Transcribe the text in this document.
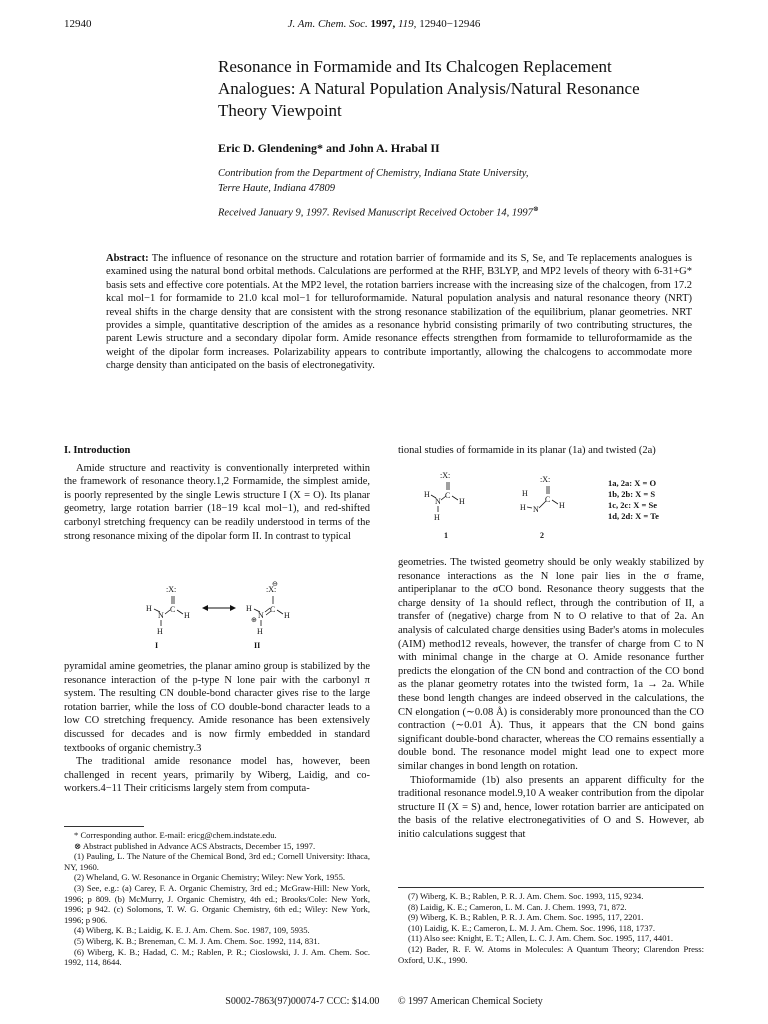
12940	J. Am. Chem. Soc. 1997, 119, 12940−12946
Resonance in Formamide and Its Chalcogen Replacement
Analogues: A Natural Population Analysis/Natural Resonance
Theory Viewpoint
Eric D. Glendening* and John A. Hrabal II
Contribution from the Department of Chemistry, Indiana State University,
Terre Haute, Indiana 47809
Received January 9, 1997. Revised Manuscript Received October 14, 1997⊗
Abstract: The influence of resonance on the structure and rotation barrier of formamide and its S, Se, and Te replacements analogues is examined using the natural bond orbital methods. Calculations are performed at the RHF, B3LYP, and MP2 levels of theory with 6-31+G* basis sets and effective core potentials. At the MP2 level, the rotation barriers increase with the increasing size of the chalcogen, from 17.2 kcal mol−1 for formamide to 21.0 kcal mol−1 for telluroformamide. Natural population analysis and natural resonance theory (NRT) reveal shifts in the charge density that are consistent with the strong resonance stabilization of the equilibrium, planar geometries. NRT provides a simple, quantitative description of the amides as a resonance hybrid consisting primarily of two contributing structures, the parent Lewis structure and a secondary dipolar form. Amide resonance effects strengthen from formamide to telluroformamide as the weight of the dipolar form increases. Polarizability appears to contribute importantly, allowing the chalcogens to accommodate more charge density than anticipated on the basis of electronegativity.
I. Introduction

Amide structure and reactivity is conventionally interpreted within the framework of resonance theory.1,2 Formamide, the simplest amide, is poorly represented by the single Lewis structure I (X = O). Its planar geometry, large rotation barrier (18−19 kcal mol−1), and red-shifted carbonyl stretching frequency can be readily understood in terms of the strong resonance mixing of the dipolar form II. In contrast to typical

:X:
C
H
N	H
H
I
⊖
:X:
C
H
N	H
⊕
H
II

pyramidal amine geometries, the planar amino group is stabilized by the resonance interaction of the p-type N lone pair with the carbonyl π system. The resulting CN double-bond character gives rise to the large rotation barrier, while the loss of CO double-bond character leads to a low CO stretching frequency. Amide resonance has been extensively discussed for decades and is now firmly embedded in standard textbooks of organic chemistry.3

The traditional amide resonance model has, however, been challenged in recent years, primarily by Wiberg, Laidig, and co-workers.4−11 Their criticisms largely stem from computa-

* Corresponding author. E-mail: ericg@chem.indstate.edu.
⊗ Abstract published in Advance ACS Abstracts, December 15, 1997.
(1) Pauling, L. The Nature of the Chemical Bond, 3rd ed.; Cornell University: Ithaca, NY, 1960.
(2) Wheland, G. W. Resonance in Organic Chemistry; Wiley: New York, 1955.
(3) See, e.g.: (a) Carey, F. A. Organic Chemistry, 3rd ed.; McGraw-Hill: New York, 1996; p 809. (b) McMurry, J. Organic Chemistry, 4th ed.; Brooks/Cole: New York, 1996; p 942. (c) Solomons, T. W. G. Organic Chemistry, 6th ed.; Wiley: New York, 1996; p 906.
(4) Wiberg, K. B.; Laidig, K. E. J. Am. Chem. Soc. 1987, 109, 5935.
(5) Wiberg, K. B.; Breneman, C. M. J. Am. Chem. Soc. 1992, 114, 831.
(6) Wiberg, K. B.; Hadad, C. M.; Rablen, P. R.; Cioslowski, J. J. Am. Chem. Soc. 1992, 114, 8644.

tional studies of formamide in its planar (1a) and twisted (2a)

:X:
C
H
N H
H
1
:X:
C
H
H N	H
2
1a, 2a: X = O
1b, 2b: X = S
1c, 2c: X = Se
1d, 2d: X = Te

geometries. The twisted geometry should be only weakly stabilized by resonance interactions as the N lone pair lies in the σ frame, antiperiplanar to the σCO bond. Resonance theory suggests that the charge density of 1a should reflect, through the contribution of II, a transfer of (negative) charge from N to O relative to that of 2a. An analysis of calculated charge densities using Bader's atoms in molecules (AIM) method12 reveals, however, the transfer of charge from C to N with minimal change in the charge at O. Amide resonance further predicts the elongation of the CN bond and contraction of the CO bond as the planar geometry rotates into the twisted form, 1a → 2a. While these bond length changes are indeed observed in the calculations, the CN elongation (∼0.08 Å) is considerably more pronounced than the CO contraction (∼0.01 Å). Thus, it appears that the CN bond gains significant double-bond character, whereas the CO remains essentially a double bond. The resonance model might lead one to expect more similar changes in bond length on rotation.

Thioformamide (1b) also presents an apparent difficulty for the traditional resonance model.9,10 A weaker contribution from the dipolar structure II (X = S) and, hence, lower rotation barrier are anticipated on the basis of the relative electronegativities of O and S. However, ab initio calculations suggest that

(7) Wiberg, K. B.; Rablen, P. R. J. Am. Chem. Soc. 1993, 115, 9234.
(8) Laidig, K. E.; Cameron, L. M. Can. J. Chem. 1993, 71, 872.
(9) Wiberg, K. B.; Rablen, P. R. J. Am. Chem. Soc. 1995, 117, 2201.
(10) Laidig, K. E.; Cameron, L. M. J. Am. Chem. Soc. 1996, 118, 1737.
(11) Also see: Knight, E. T.; Allen, L. C. J. Am. Chem. Soc. 1995, 117, 4401.
(12) Bader, R. F. W. Atoms in Molecules: A Quantum Theory; Clarendon Press: Oxford, U.K., 1990.
S0002-7863(97)00074-7 CCC: $14.00 © 1997 American Chemical Society
